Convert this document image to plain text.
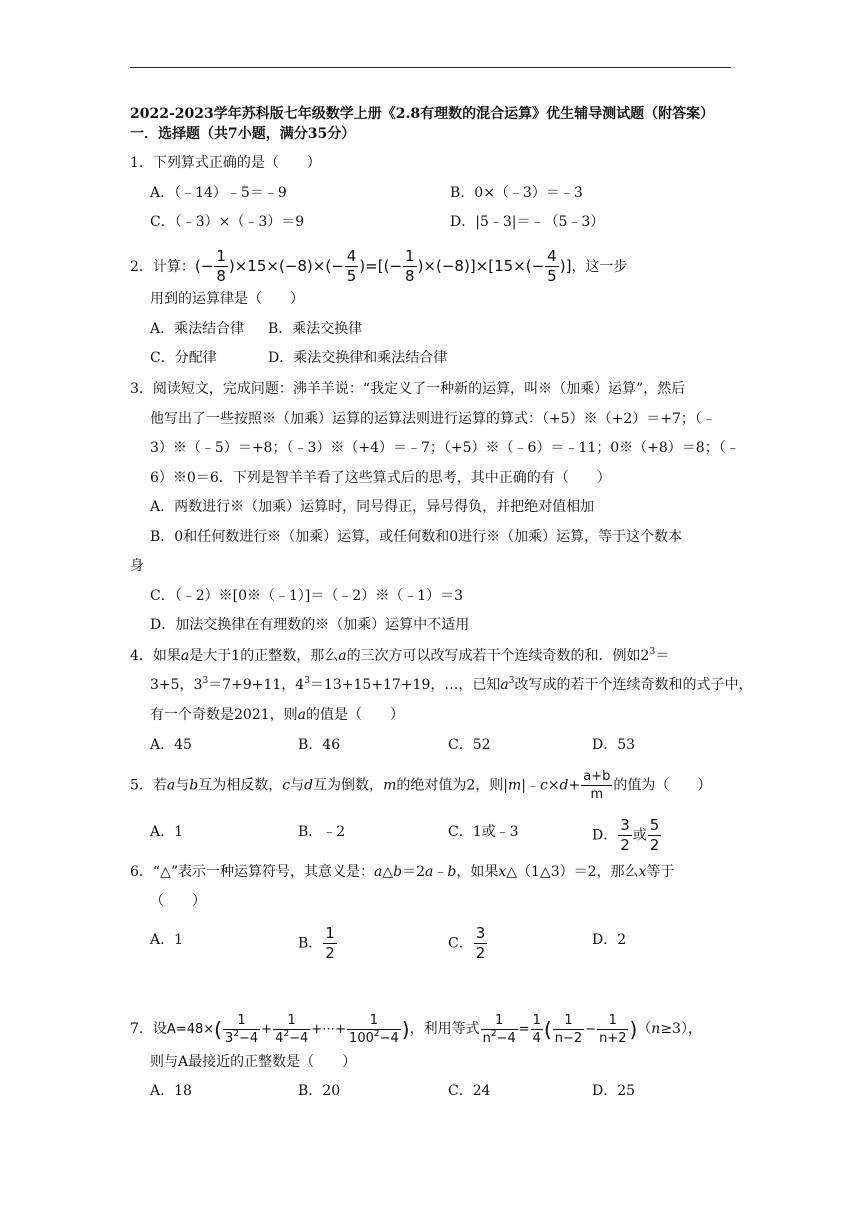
2022-2023学年苏科版七年级数学上册《2.8有理数的混合运算》优生辅导测试题（附答案）
一．选择题（共7小题，满分35分）
1．下列算式正确的是（　　）
A．（﹣14）﹣5＝﹣9	B．0×（﹣3）＝﹣3
C．（﹣3）×（﹣3）＝9	D．|5﹣3|＝﹣（5﹣3）
2．计算：(− $\frac{1}{8} )\times 15\times(-8)\times(- \frac{4}{5}$ )=[(− $\frac{1}{8} )\times(-8)]\times[15\times(- \frac{4}{5}$ )]，这一步
用到的运算律是（　　）
A．乘法结合律 B．乘法交换律
C．分配律	D．乘法交换律和乘法结合律
3．阅读短文，完成问题：沸羊羊说：“我定义了一种新的运算，叫※（加乘）运算”，然后
他写出了一些按照※（加乘）运算的运算法则进行运算的算式：（+5）※（+2）＝+7；（﹣
3）※（﹣5）＝+8；（﹣3）※（+4）＝﹣7；（+5）※（﹣6）＝﹣11；0※（+8）＝8；（﹣
6）※0＝6．下列是智羊羊看了这些算式后的思考，其中正确的有（　　）
A．两数进行※（加乘）运算时，同号得正，异号得负，并把绝对值相加
B．0和任何数进行※（加乘）运算，或任何数和0进行※（加乘）运算，等于这个数本
身
C．（﹣2）※[0※（﹣1）]＝（﹣2）※（﹣1）＝3
D．加法交换律在有理数的※（加乘）运算中不适用
4．如果a是大于1的正整数，那么a的三次方可以改写成若干个连续奇数的和．例如$2^3=$
3+5，$3^3=7+9+11$，$4^3=13+15+17+19$，…，已知$a^3$改写成的若干个连续奇数和的式子中，
有一个奇数是2021，则a的值是（　　）
A．45	B．46	C．52	D．53
5．若a与b互为相反数，c与d互为倒数，m的绝对值为2，则|m|﹣c×d+ $\frac{a+b}{m}$ 的值为（　　）
A．1	B．﹣2	C．1或﹣3	D． $\frac{3}{2}$ 或 $\frac{5}{2}$
6．“△”表示一种运算符号，其意义是：a△b＝2a﹣b，如果x△（1△3）＝2，那么x等于
（　　）
A．1	B． $\frac{1}{2}$	C． $\frac{3}{2}$	D．2
7．设$A=48\times( \frac{1}{3^2-4} + \frac{1}{4^2-4}$ +⋯+ $\frac{1}{100^2-4}$ )，利用等式 $\frac{1}{n^2-4} = \frac{1}{4}$ ( $\frac{1}{n-2} - \frac{1}{n+2} )(n\ge 3)$，
则与A最接近的正整数是（　　）
A．18	B．20	C．24	D．25
